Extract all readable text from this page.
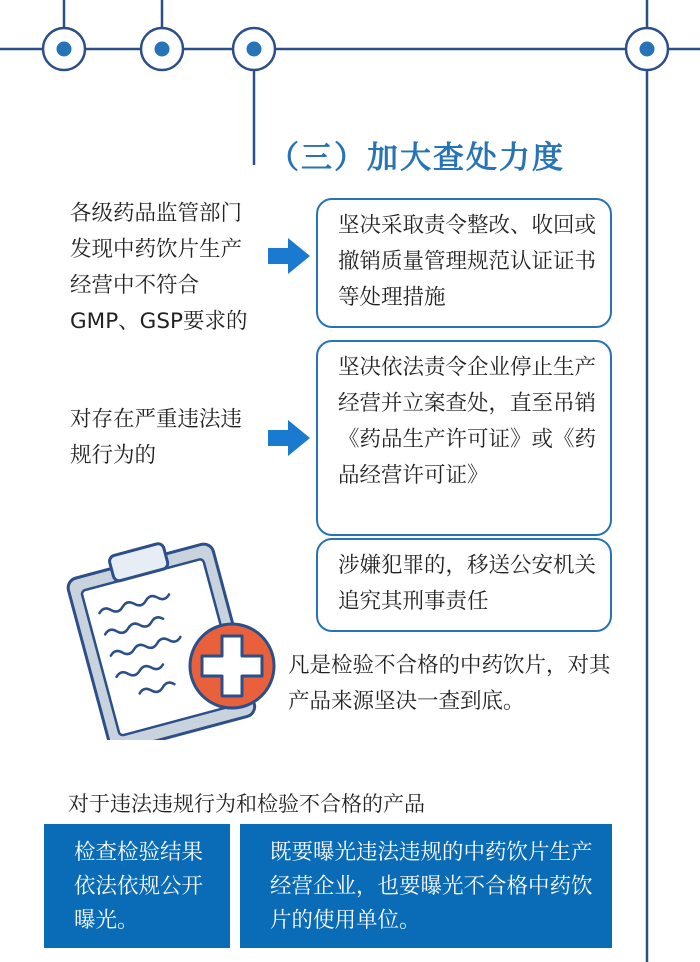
（三）加大查处力度
各级药品监管部门发现中药饮片生产经营中不符合GMP、GSP要求的
坚决采取责令整改、收回或撤销质量管理规范认证证书等处理措施
对存在严重违法违规行为的
坚决依法责令企业停止生产经营并立案查处，直至吊销《药品生产许可证》或《药品经营许可证》
涉嫌犯罪的，移送公安机关追究其刑事责任
凡是检验不合格的中药饮片，对其产品来源坚决一查到底。
对于违法违规行为和检验不合格的产品
检查检验结果依法依规公开曝光。
既要曝光违法违规的中药饮片生产经营企业，也要曝光不合格中药饮片的使用单位。
